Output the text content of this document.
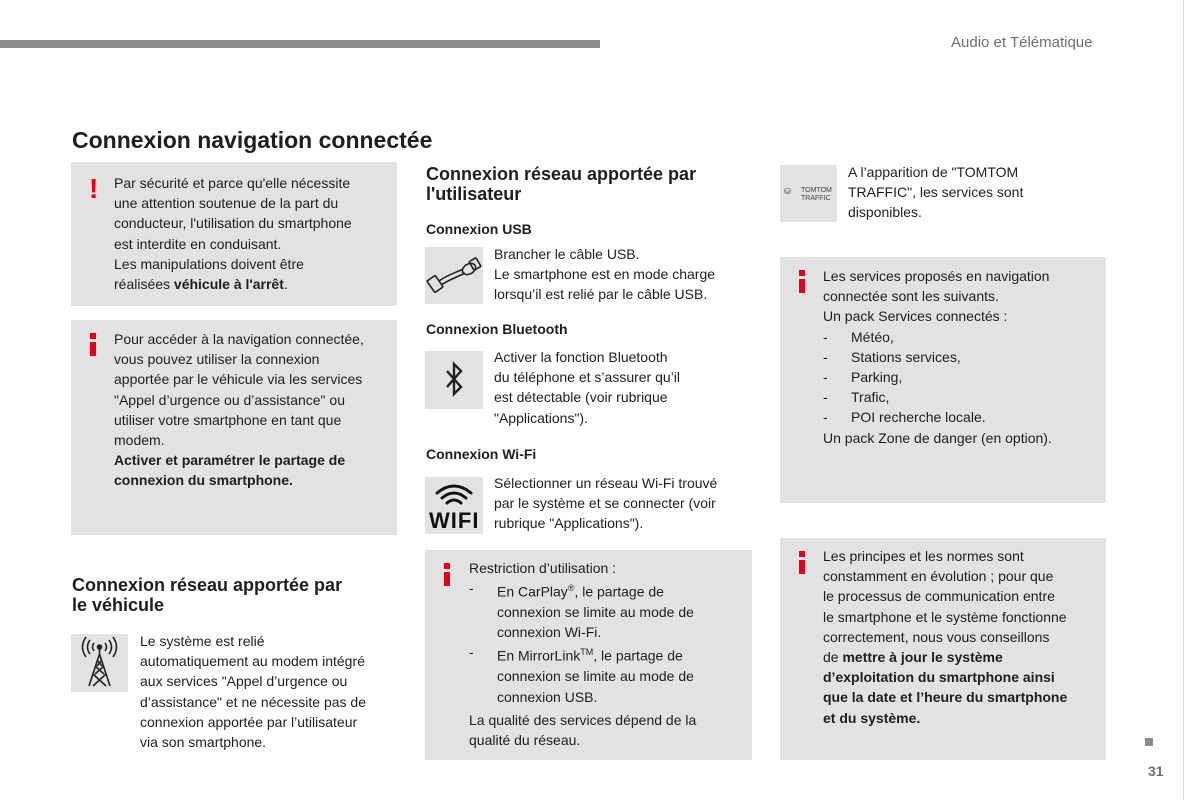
Audio et Télématique
Connexion navigation connectée
! Par sécurité et parce qu'elle nécessite
une attention soutenue de la part du
conducteur, l'utilisation du smartphone
est interdite en conduisant.
Les manipulations doivent être
réalisées véhicule à l'arrêt.
Pour accéder à la navigation connectée,
vous pouvez utiliser la connexion
apportée par le véhicule via les services
"Appel d’urgence ou d’assistance" ou
utiliser votre smartphone en tant que
modem.
Activer et paramétrer le partage de
connexion du smartphone.
Connexion réseau apportée par
le véhicule
Le système est relié
automatiquement au modem intégré
aux services "Appel d’urgence ou
d’assistance" et ne nécessite pas de
connexion apportée par l’utilisateur
via son smartphone.
Connexion réseau apportée par
l'utilisateur
Connexion USB
Brancher le câble USB.
Le smartphone est en mode charge
lorsqu’il est relié par le câble USB.
Connexion Bluetooth
Activer la fonction Bluetooth
du téléphone et s’assurer qu’il
est détectable (voir rubrique
"Applications").
Connexion Wi-Fi
WIFI
Sélectionner un réseau Wi-Fi trouvé
par le système et se connecter (voir
rubrique "Applications").
Restriction d’utilisation :
- En CarPlay®, le partage de
connexion se limite au mode de
connexion Wi-Fi.
- En MirrorLink™, le partage de
connexion se limite au mode de
connexion USB.
La qualité des services dépend de la
qualité du réseau.
⛁ TOMTOM
TRAFFIC
A l’apparition de "TOMTOM
TRAFFIC", les services sont
disponibles.
Les services proposés en navigation
connectée sont les suivants.
Un pack Services connectés :
- Météo,
- Stations services,
- Parking,
- Trafic,
- POI recherche locale.
Un pack Zone de danger (en option).
Les principes et les normes sont
constamment en évolution ; pour que
le processus de communication entre
le smartphone et le système fonctionne
correctement, nous vous conseillons
de mettre à jour le système
d’exploitation du smartphone ainsi
que la date et l’heure du smartphone
et du système.
31
